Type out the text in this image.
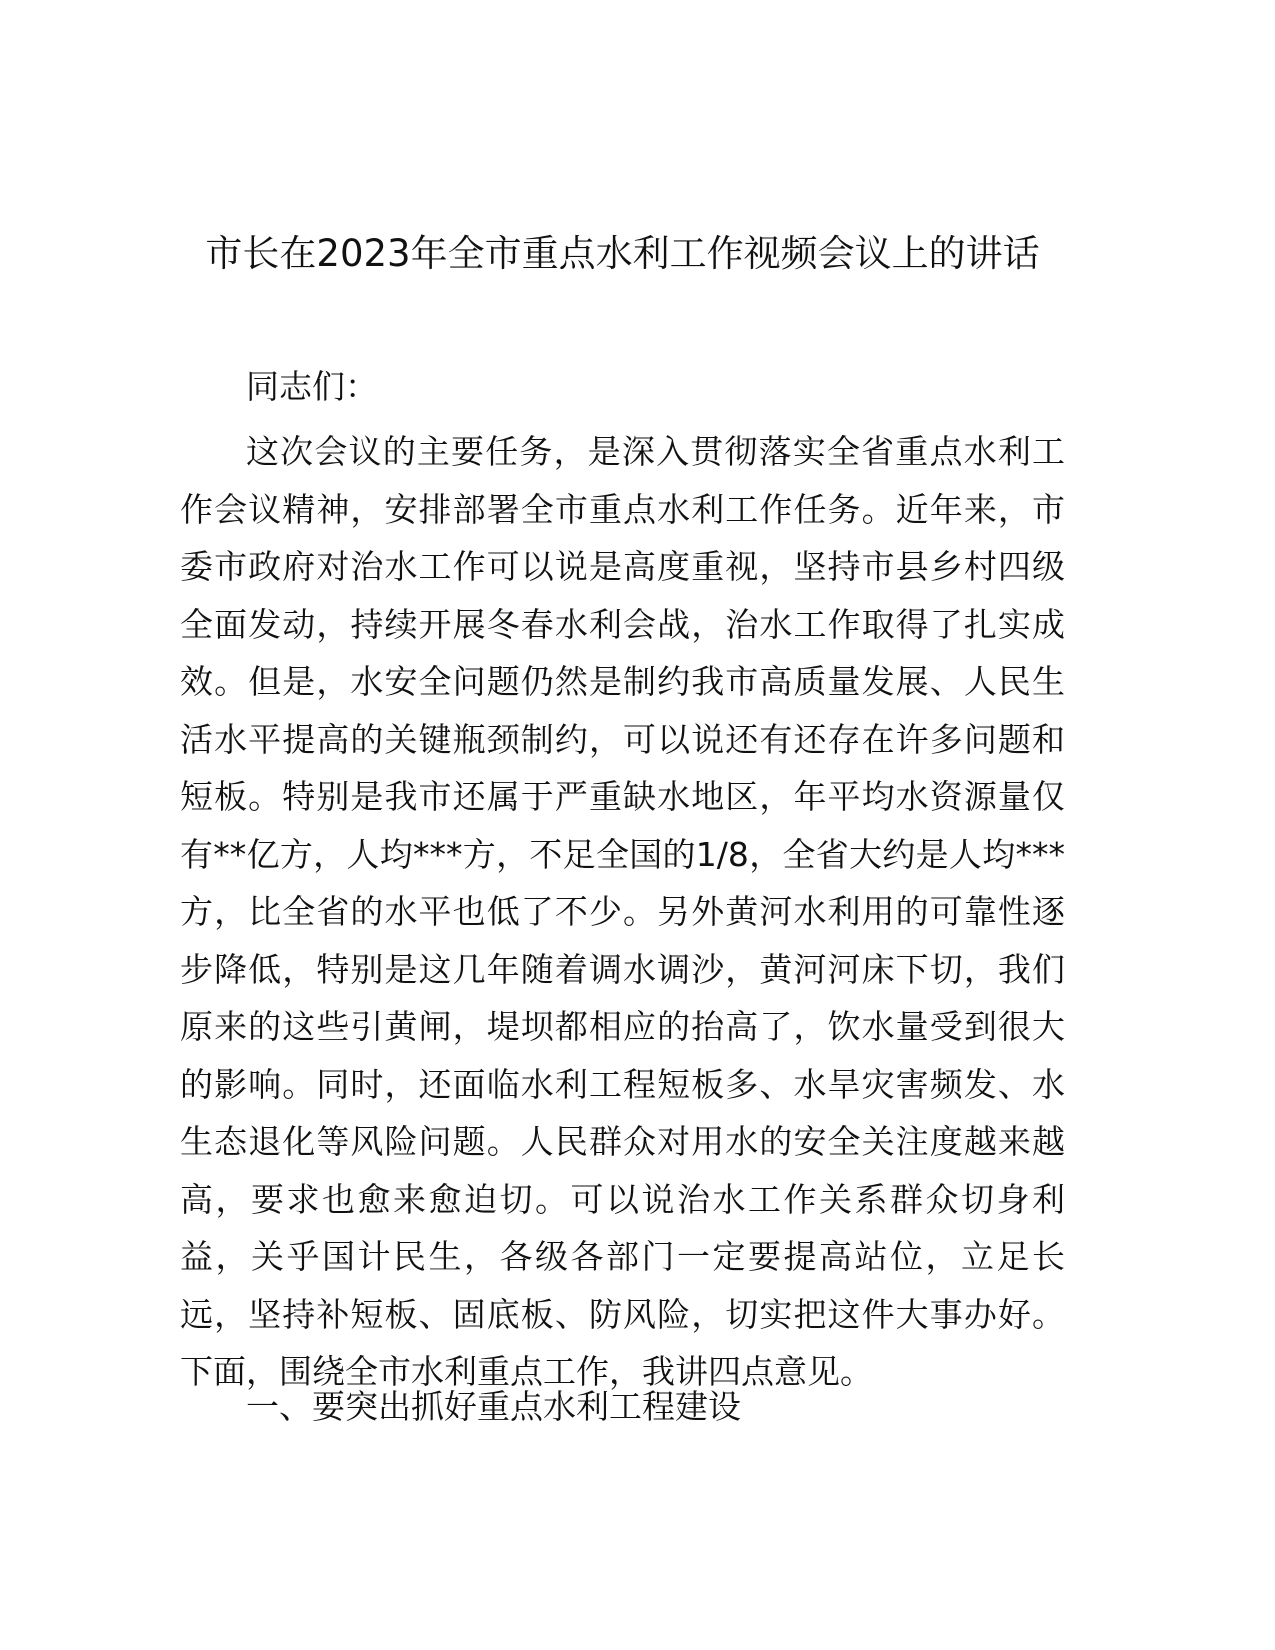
市长在2023年全市重点水利工作视频会议上的讲话

同志们：

这次会议的主要任务，是深入贯彻落实全省重点水利工作会议精神，安排部署全市重点水利工作任务。近年来，市委市政府对治水工作可以说是高度重视，坚持市县乡村四级全面发动，持续开展冬春水利会战，治水工作取得了扎实成效。但是，水安全问题仍然是制约我市高质量发展、人民生活水平提高的关键瓶颈制约，可以说还有还存在许多问题和短板。特别是我市还属于严重缺水地区，年平均水资源量仅有**亿方，人均***方，不足全国的1/8，全省大约是人均***方，比全省的水平也低了不少。另外黄河水利用的可靠性逐步降低，特别是这几年随着调水调沙，黄河河床下切，我们原来的这些引黄闸，堤坝都相应的抬高了，饮水量受到很大的影响。同时，还面临水利工程短板多、水旱灾害频发、水生态退化等风险问题。人民群众对用水的安全关注度越来越高，要求也愈来愈迫切。可以说治水工作关系群众切身利益，关乎国计民生，各级各部门一定要提高站位，立足长远，坚持补短板、固底板、防风险，切实把这件大事办好。下面，围绕全市水利重点工作，我讲四点意见。

一、要突出抓好重点水利工程建设
